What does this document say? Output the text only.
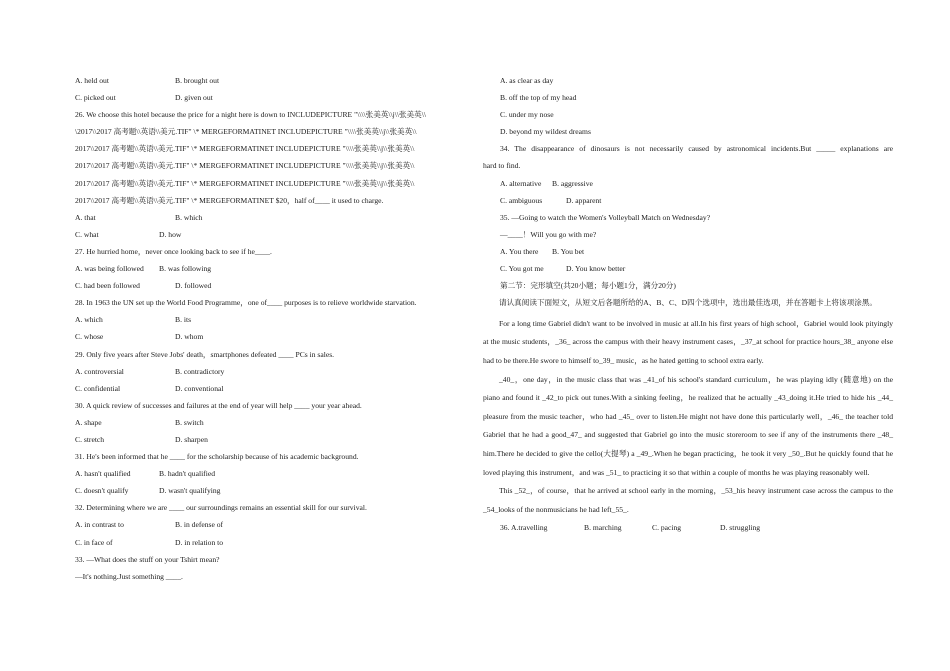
A. held out	B. brought out
C. picked out	D. given out
26. We choose this hotel because the price for a night here is down to INCLUDEPICTURE "\\\\张美英\\j\\张美英\\
\2017\\2017 高考题\\英语\\美元.TIF" \* MERGEFORMATINET INCLUDEPICTURE "\\\\张美英\\j\\张美英\\
2017\\2017 高考题\\英语\\美元.TIF" \* MERGEFORMATINET INCLUDEPICTURE "\\\\张美英\\j\\张美英\\
2017\\2017 高考题\\英语\\美元.TIF" \* MERGEFORMATINET INCLUDEPICTURE "\\\\张美英\\j\\张美英\\
2017\\2017 高考题\\英语\\美元.TIF" \* MERGEFORMATINET INCLUDEPICTURE "\\\\张美英\\j\\张美英\\
2017\\2017 高考题\\英语\\美元.TIF" \* MERGEFORMATINET $20，half of____ it used to charge.
A. that	B. which
C. what	D. how
27. He hurried home，never once looking back to see if he____.
A. was being followed	B. was following
C. had been followed	D. followed
28. In 1963 the UN set up the World Food Programme，one of____ purposes is to relieve worldwide starvation.
A. which	B. its
C. whose	D. whom
29. Only five years after Steve Jobs' death，smartphones defeated ____ PCs in sales.
A. controversial	B. contradictory
C. confidential	D. conventional
30. A quick review of successes and failures at the end of year will help ____ your year ahead.
A. shape	B. switch
C. stretch	D. sharpen
31. He's been informed that he ____ for the scholarship because of his academic background.
A. hasn't qualified	B. hadn't qualified
C. doesn't qualify	D. wasn't qualifying
32. Determining where we are ____ our surroundings remains an essential skill for our survival.
A. in contrast to	B. in defense of
C. in face of	D. in relation to
33. —What does the stuff on your Tshirt mean?
—It's nothing.Just something ____.
A. as clear as day
B. off the top of my head
C. under my nose
D. beyond my wildest dreams
34. The disappearance of dinosaurs is not necessarily caused by astronomical incidents.But _____ explanations are
hard to find.
A. alternative	B. aggressive
C. ambiguous	D. apparent
35. —Going to watch the Women's Volleyball Match on Wednesday?
—____！Will you go with me?
A. You there	B. You bet
C. You got me	D. You know better
第二节：完形填空(共20小题；每小题1分，满分20分)
请认真阅读下面短文，从短文后各题所给的A、B、C、D四个选项中，选出最佳选项，并在答题卡上将该项涂黑。
For a long time Gabriel didn't want to be involved in music at all.In his first years of high school，Gabriel would look pityingly at the music students，_36_ across the campus with their heavy instrument cases，_37_at school for practice hours_38_ anyone else had to be there.He swore to himself to_39_ music，as he hated getting to school extra early.
_40_，one day，in the music class that was _41_of his school's standard curriculum，he was playing idly (随意地) on the piano and found it _42_to pick out tunes.With a sinking feeling，he realized that he actually _43_doing it.He tried to hide his _44_ pleasure from the music teacher，who had _45_ over to listen.He might not have done this particularly well，_46_ the teacher told Gabriel that he had a good_47_ and suggested that Gabriel go into the music storeroom to see if any of the instruments there _48_ him.There he decided to give the cello(大提琴) a _49_.When he began practicing，he took it very _50_.But he quickly found that he loved playing this instrument，and was _51_ to practicing it so that within a couple of months he was playing reasonably well.
This _52_，of course，that he arrived at school early in the morning，_53_his heavy instrument case across the campus to the _54_looks of the nonmusicians he had left_55_.
36. A.travelling	B. marching	C. pacing	D. struggling
